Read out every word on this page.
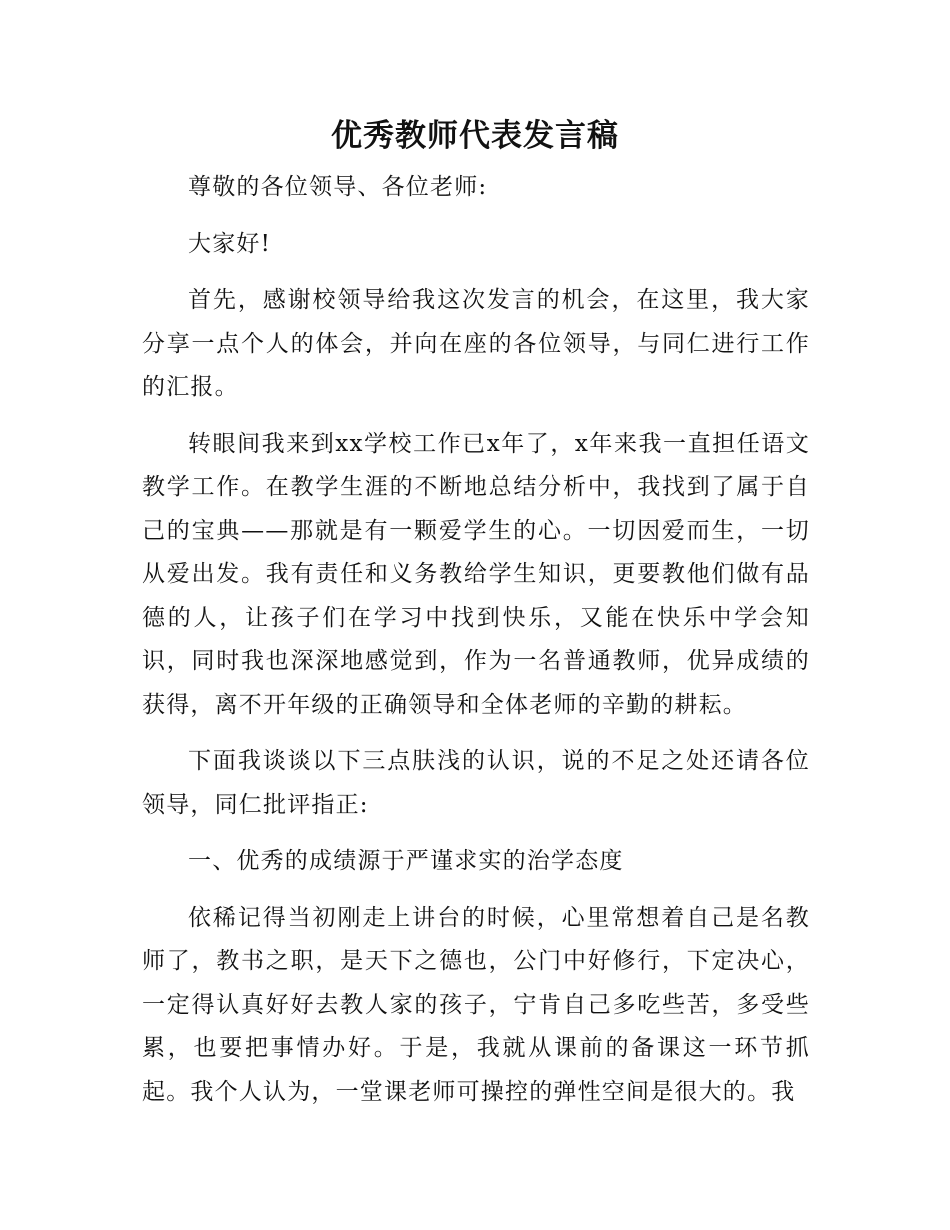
优秀教师代表发言稿

尊敬的各位领导、各位老师:

大家好!

首先，感谢校领导给我这次发言的机会，在这里，我大家分享一点个人的体会，并向在座的各位领导，与同仁进行工作的汇报。

转眼间我来到xx学校工作已x年了，x年来我一直担任语文教学工作。在教学生涯的不断地总结分析中，我找到了属于自己的宝典——那就是有一颗爱学生的心。一切因爱而生，一切从爱出发。我有责任和义务教给学生知识，更要教他们做有品德的人，让孩子们在学习中找到快乐，又能在快乐中学会知识，同时我也深深地感觉到，作为一名普通教师，优异成绩的获得，离不开年级的正确领导和全体老师的辛勤的耕耘。

下面我谈谈以下三点肤浅的认识，说的不足之处还请各位领导，同仁批评指正:

一、优秀的成绩源于严谨求实的治学态度

依稀记得当初刚走上讲台的时候，心里常想着自己是名教师了，教书之职，是天下之德也，公门中好修行，下定决心，一定得认真好好去教人家的孩子，宁肯自己多吃些苦，多受些累，也要把事情办好。于是，我就从课前的备课这一环节抓起。我个人认为，一堂课老师可操控的弹性空间是很大的。我
